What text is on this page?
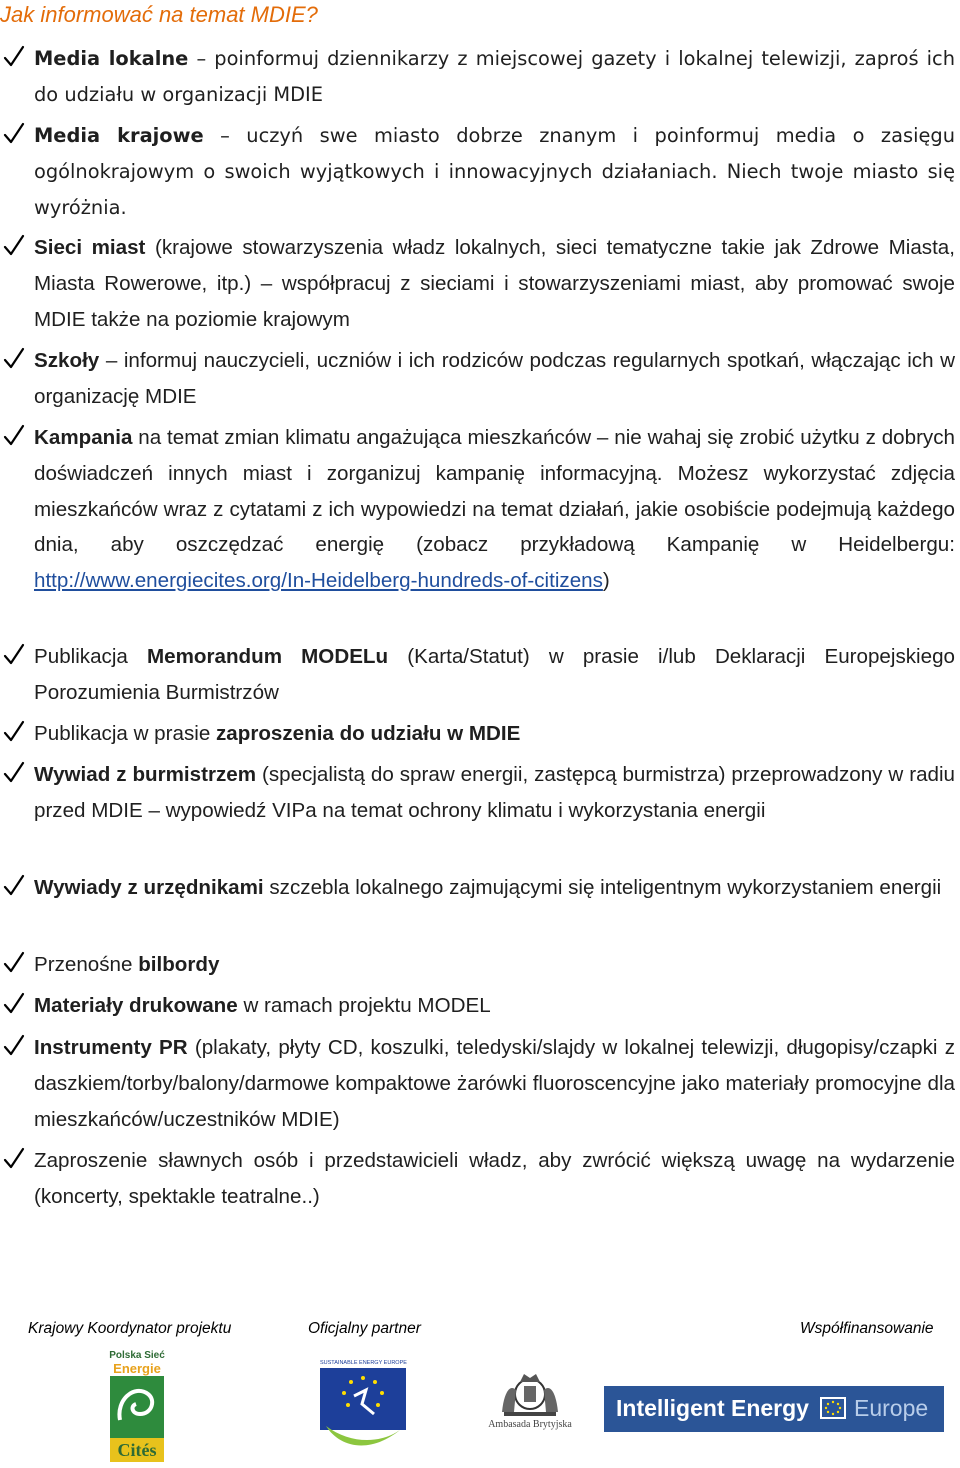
Jak informować na temat MDIE?
Media lokalne – poinformuj dziennikarzy z miejscowej gazety i lokalnej telewizji, zaproś ich do udziału w organizacji MDIE
Media krajowe – uczyń swe miasto dobrze znanym i poinformuj media o zasięgu ogólnokrajowym o swoich wyjątkowych i innowacyjnych działaniach. Niech twoje miasto się wyróżnia.
Sieci miast (krajowe stowarzyszenia władz lokalnych, sieci tematyczne takie jak Zdrowe Miasta, Miasta Rowerowe, itp.) – współpracuj z sieciami i stowarzyszeniami miast, aby promować swoje MDIE także na poziomie krajowym
Szkoły – informuj nauczycieli, uczniów i ich rodziców podczas regularnych spotkań, włączając ich w organizację MDIE
Kampania na temat zmian klimatu angażująca mieszkańców – nie wahaj się zrobić użytku z dobrych doświadczeń innych miast i zorganizuj kampanię informacyjną. Możesz wykorzystać zdjęcia mieszkańców wraz z cytatami z ich wypowiedzi na temat działań, jakie osobiście podejmują każdego dnia, aby oszczędzać energię (zobacz przykładową Kampanię w Heidelbergu: http://www.energiecites.org/In-Heidelberg-hundreds-of-citizens)
Publikacja Memorandum MODELu (Karta/Statut) w prasie i/lub Deklaracji Europejskiego Porozumienia Burmistrzów
Publikacja w prasie zaproszenia do udziału w MDIE
Wywiad z burmistrzem (specjalistą do spraw energii, zastępcą burmistrza) przeprowadzony w radiu przed MDIE – wypowiedź VIPa na temat ochrony klimatu i wykorzystania energii
Wywiady z urzędnikami szczebla lokalnego zajmującymi się inteligentnym wykorzystaniem energii
Przenośne bilbordy
Materiały drukowane w ramach projektu MODEL
Instrumenty PR (plakaty, płyty CD, koszulki, teledyski/slajdy w lokalnej telewizji, długopisy/czapki z daszkiem/torby/balony/darmowe kompaktowe żarówki fluoroscencyjne jako materiały promocyjne dla mieszkańców/uczestników MDIE)
Zaproszenie sławnych osób i przedstawicieli władz, aby zwrócić większą uwagę na wydarzenie (koncerty, spektakle teatralne..)
Krajowy Koordynator projektu	Oficjalny partner	Współfinansowanie
Polska Sieć
Energie
Cités
SUSTAINABLE ENERGY EUROPE
Ambasada Brytyjska
Intelligent Energy Europe
